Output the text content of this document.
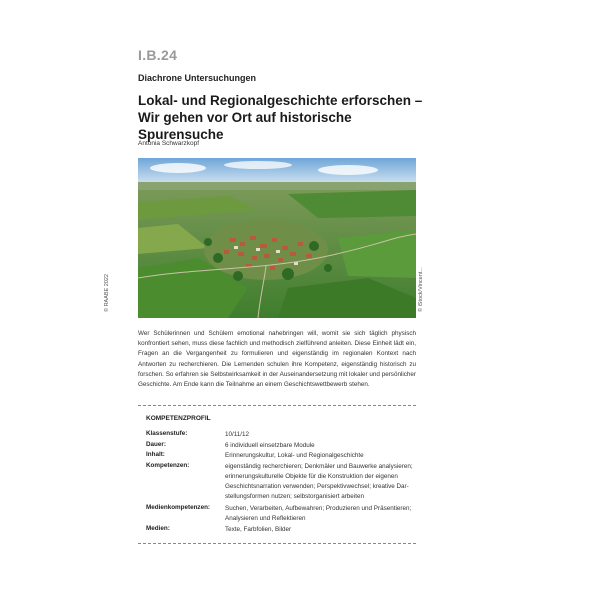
I.B.24
Diachrone Untersuchungen
Lokal- und Regionalgeschichte erforschen –
Wir gehen vor Ort auf historische Spurensuche
Antonia Schwarzkopf
© RAABE 2022	© iStock/Vincent...
Wer Schülerinnen und Schülern emotional nahebringen will, womit sie sich täglich physisch konfrontiert sehen, muss diese fachlich und methodisch zielführend anleiten. Diese Einheit lädt ein, Fragen an die Vergangenheit zu formulieren und eigenständig im regionalen Kontext nach Antworten zu recherchieren. Die Lernenden schulen ihre Kompetenz, eigenständig historisch zu forschen. So erfahren sie Selbstwirksamkeit in der Auseinandersetzung mit lokaler und persönlicher Geschichte. Am Ende kann die Teilnahme an einem Geschichtswettbewerb stehen.
KOMPETENZPROFIL
Klassenstufe:	10/11/12
Dauer:	6 individuell einsetzbare Module
Inhalt:	Erinnerungskultur, Lokal- und Regionalgeschichte
Kompetenzen:	eigenständig recherchieren; Denkmäler und Bauwerke analysieren;
erinnerungskulturelle Objekte für die Konstruktion der eigenen
Geschichtsnarration verwenden; Perspektivwechsel; kreative Dar-
stellungsformen nutzen; selbstorganisiert arbeiten
Medienkompetenzen:	Suchen, Verarbeiten, Aufbewahren; Produzieren und Präsentieren;
Analysieren und Reflektieren
Medien:	Texte, Farbfolien, Bilder
